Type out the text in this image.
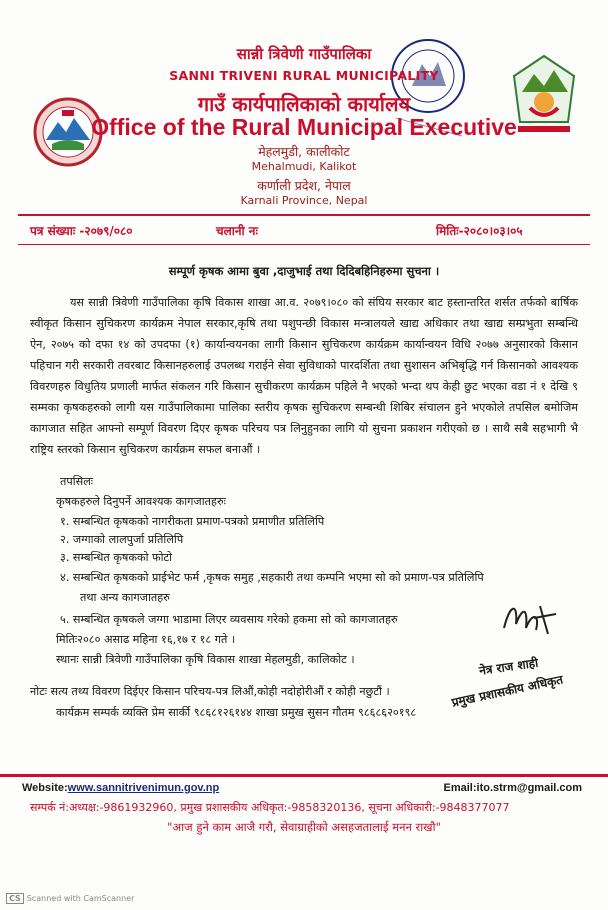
सान्नी त्रिवेणी गाउँपालिका
SANNI TRIVENI RURAL MUNICIPALITY
गाउँ कार्यपालिकाको कार्यालय
Office of the Rural Municipal Executive
मेहलमुडी, कालीकोट
Mehalmudi, Kalikot
कर्णाली प्रदेश, नेपाल
Karnali Province, Nepal
पत्र संख्याः -२०७९/०८०	चलानी नः	मितिः-२०८०।०३।०५
सम्पूर्ण कृषक आमा बुवा ,दाजुभाई तथा दिदिबहिनिहरुमा सुचना ।
यस सान्नी त्रिवेणी गाउँपालिका कृषि विकास शाखा आ.व. २०७९।०८० को संघिय सरकार बाट हस्तान्तरित शर्सत तर्फको बार्षिक स्वीकृत किसान सुचिकरण कार्यक्रम नेपाल सरकार,कृषि तथा पशुपन्छी विकास मन्त्रालयले खाद्य अधिकार तथा खाद्य सम्प्रभुता सम्बन्धि ऐन, २०७५ को दफा १४ को उपदफा (१) कार्यान्वयनका लागी किसान सुचिकरण कार्यक्रम कार्यान्वयन विधि २०७७ अनुसारको किसान पहिचान गरी सरकारी तवरबाट किसानहरुलाई उपलब्ध गराईने सेवा सुविधाको पारदर्शिता तथा सुशासन अभिबृद्धि गर्न किसानको आवश्यक विवरणहरु विधुतिय प्रणाली मार्फत संकलन गरि किसान सुचीकरण कार्यक्रम पहिले नै भएको भन्दा थप केही छुट भएका वडा नं १ देखि ९ सम्मका कृषकहरुको लागी यस गाउँपालिकामा पालिका स्तरीय कृषक सुचिकरण सम्बन्धी शिबिर संचालन हुने भएकोले तपसिल बमोजिम कागजात सहित आफ्नो सम्पूर्ण विवरण दिएर कृषक परिचय पत्र लिनुहुनका लागि यो सुचना प्रकाशन गरीएको छ । साथै सबै सहभागी भै राष्ट्रिय स्तरको किसान सुचिकरण कार्यक्रम सफल बनाऔं ।
तपसिलः
कृषकहरुले दिनुपर्ने आवश्यक कागजातहरुः
१. सम्बन्धित कृषकको नागरीकता प्रमाण-पत्रको प्रमाणीत प्रतिलिपि
२. जग्गाको लालपुर्जा प्रतिलिपि
३. सम्बन्धित कृषकको फोटो
४. सम्बन्धित कृषकको प्राईभेट फर्म ,कृषक समुह ,सहकारी तथा कम्पनि भएमा सो को प्रमाण-पत्र प्रतिलिपि
तथा अन्य कागजातहरु
५. सम्बन्धित कृषकले जग्गा भाडामा लिएर व्यवसाय गरेको हकमा सो को कागजातहरु
मितिः२०८० असाढ महिना १६,१७ र १८ गते ।
स्थानः सान्नी त्रिवेणी गाउँपालिका कृषि विकास शाखा मेहलमुडी, कालिकोट ।	नेत्र राज शाही
प्रमुख प्रशासकीय अधिकृत
नोटः सत्य तथ्य विवरण दिईएर किसान परिचय-पत्र लिऔं,कोही नदोहोरीऔं र कोही नछुटौं ।
कार्यक्रम सम्पर्क व्यक्ति प्रेम सार्की ९८६८१२६१४४ शाखा प्रमुख सुसन गौतम ९८६८६२०१९८
Website:www.sannitrivenimun.gov.np	Email:ito.strm@gmail.com
सम्पर्क नं:अध्यक्ष:-9861932960, प्रमुख प्रशासकीय अधिकृत:-9858320136, सूचना अधिकारी:-9848377077
"आज हुने काम आजै गरौ, सेवाग्राहीको असहजतालाई मनन राखौ"
CS Scanned with CamScanner
